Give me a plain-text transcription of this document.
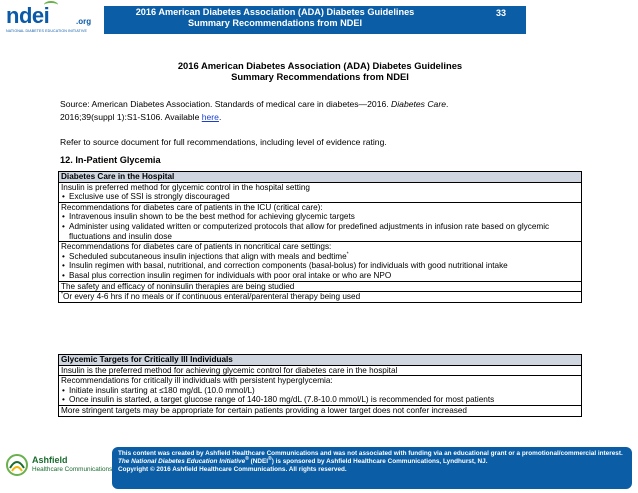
ndei	.org
NATIONAL DIABETES EDUCATION INITIATIVE
2016 American Diabetes Association (ADA) Diabetes Guidelines
Summary Recommendations from NDEI
33
2016 American Diabetes Association (ADA) Diabetes Guidelines
Summary Recommendations from NDEI
Source: American Diabetes Association. Standards of medical care in diabetes—2016. Diabetes Care.
2016;39(suppl 1):S1-S106. Available here.
Refer to source document for full recommendations, including level of evidence rating.
12. In-Patient Glycemia
Diabetes Care in the Hospital
Insulin is preferred method for glycemic control in the hospital setting
• Exclusive use of SSI is strongly discouraged

Recommendations for diabetes care of patients in the ICU (critical care):
• Intravenous insulin shown to be the best method for achieving glycemic targets
• Administer using validated written or computerized protocols that allow for predefined adjustments in infusion rate based on glycemic fluctuations and insulin dose

Recommendations for diabetes care of patients in noncritical care settings:
• Scheduled subcutaneous insulin injections that align with meals and bedtime*
• Insulin regimen with basal, nutritional, and correction components (basal-bolus) for individuals with good nutritional intake
• Basal plus correction insulin regimen for individuals with poor oral intake or who are NPO

The safety and efficacy of noninsulin therapies are being studied
*Or every 4-6 hrs if no meals or if continuous enteral/parenteral therapy being used
Glycemic Targets for Critically Ill Individuals
Insulin is the preferred method for achieving glycemic control for diabetes care in the hospital
Recommendations for critically ill individuals with persistent hyperglycemia:
• Initiate insulin starting at ≤180 mg/dL (10.0 mmol/L)
• Once insulin is started, a target glucose range of 140-180 mg/dL (7.8-10.0 mmol/L) is recommended for most patients

More stringent targets may be appropriate for certain patients providing a lower target does not confer increased
Ashfield
Healthcare Communications
This content was created by Ashfield Healthcare Communications and was not associated with funding via an educational grant or a promotional/commercial interest.
The National Diabetes Education Initiative® (NDEI®) is sponsored by Ashfield Healthcare Communications, Lyndhurst, NJ.
Copyright © 2016 Ashfield Healthcare Communications. All rights reserved.
